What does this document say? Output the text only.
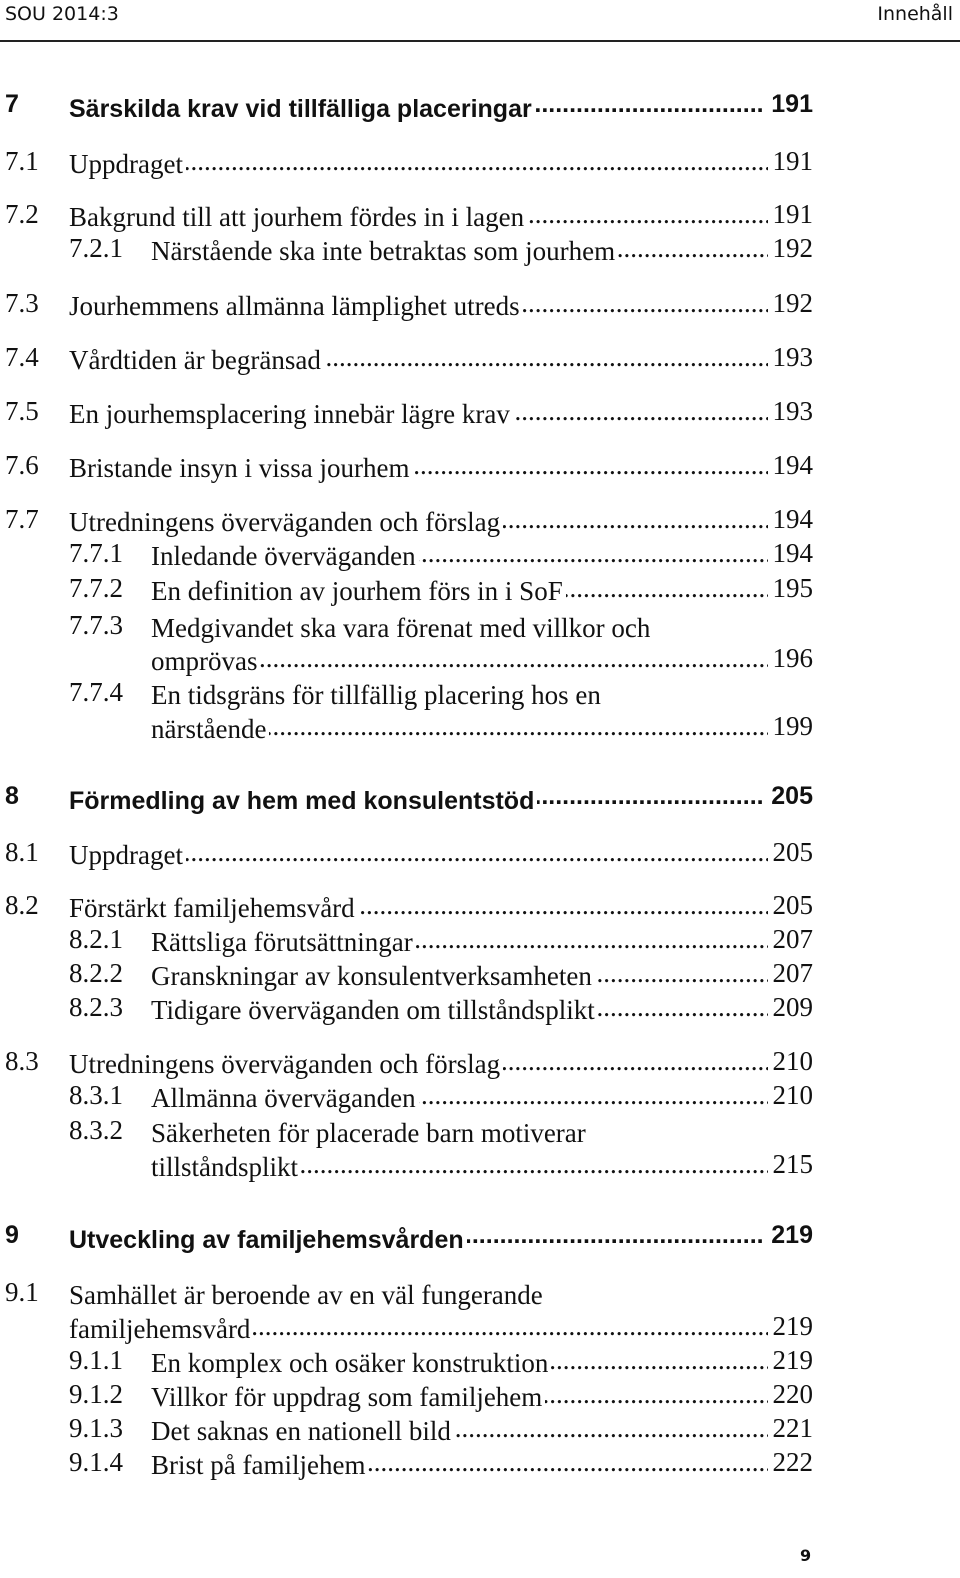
SOU 2014:3	Innehåll
7 Särskilda krav vid tillfälliga placeringar .....	191
7.1 Uppdraget .....	191
7.2 Bakgrund till att jourhem fördes in i lagen .....	191
7.2.1 Närstående ska inte betraktas som jourhem .....	192
7.3 Jourhemmens allmänna lämplighet utreds .....	192
7.4 Vårdtiden är begränsad .....	193
7.5 En jourhemsplacering innebär lägre krav .....	193
7.6 Bristande insyn i vissa jourhem .....	194
7.7 Utredningens överväganden och förslag .....	194
7.7.1 Inledande överväganden .....	194
7.7.2 En definition av jourhem förs in i SoF .....	195
7.7.3 Medgivandet ska vara förenat med villkor och
omprövas .....	196
7.7.4 En tidsgräns för tillfällig placering hos en
närstående .....	199
8 Förmedling av hem med konsulentstöd .....	205
8.1 Uppdraget .....	205
8.2 Förstärkt familjehemsvård .....	205
8.2.1 Rättsliga förutsättningar .....	207
8.2.2 Granskningar av konsulentverksamheten .....	207
8.2.3 Tidigare överväganden om tillståndsplikt .....	209
8.3 Utredningens överväganden och förslag .....	210
8.3.1 Allmänna överväganden .....	210
8.3.2 Säkerheten för placerade barn motiverar
tillståndsplikt .....	215
9 Utveckling av familjehemsvården .....	219
9.1 Samhället är beroende av en väl fungerande
familjehemsvård .....	219
9.1.1 En komplex och osäker konstruktion .....	219
9.1.2 Villkor för uppdrag som familjehem .....	220
9.1.3 Det saknas en nationell bild .....	221
9.1.4 Brist på familjehem .....	222
9
